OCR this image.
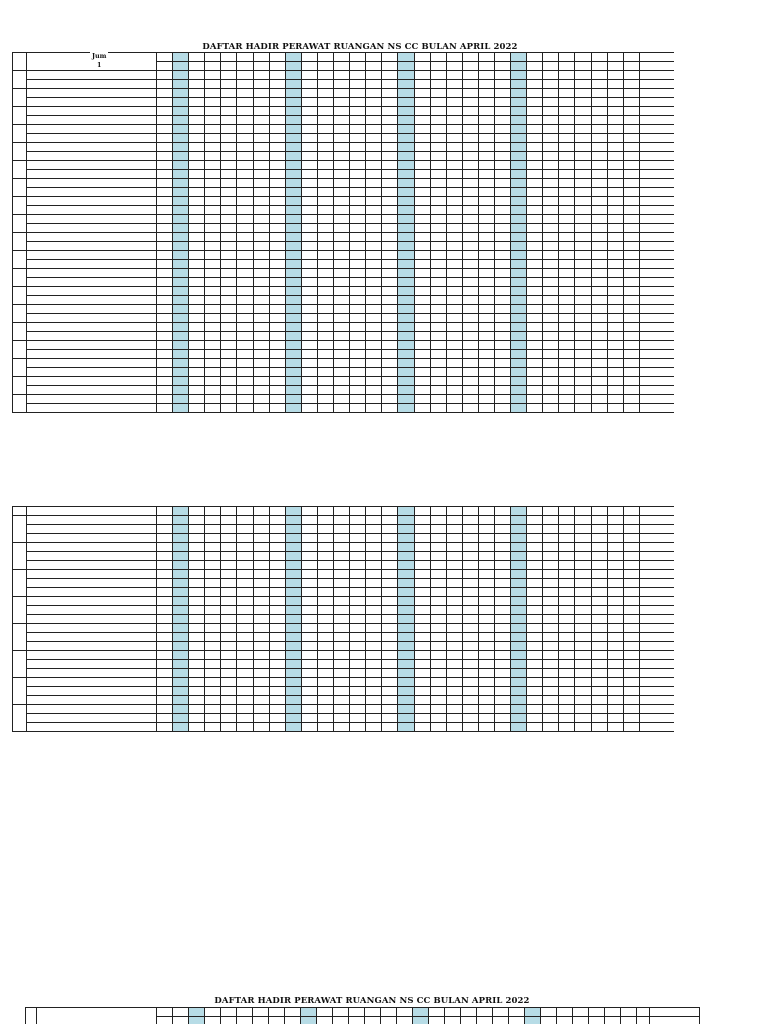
DAFTAR HADIR PERAWAT RUANGAN NS CC BULAN APRIL 2022

Jum
1

DAFTAR HADIR PERAWAT RUANGAN NS CC BULAN APRIL 2022
